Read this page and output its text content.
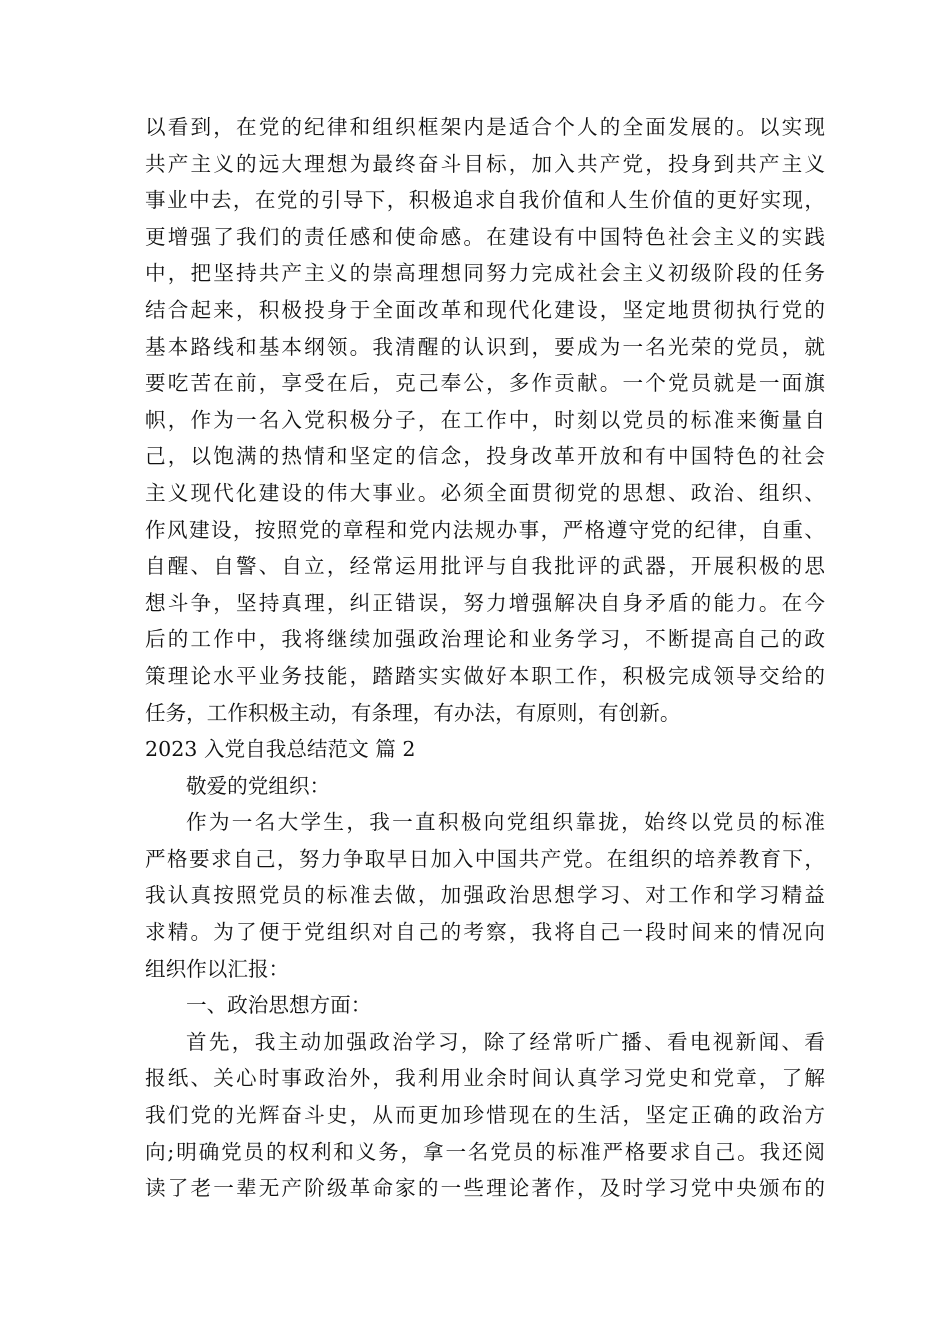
以看到，在党的纪律和组织框架内是适合个人的全面发展的。以实现
共产主义的远大理想为最终奋斗目标，加入共产党，投身到共产主义
事业中去，在党的引导下，积极追求自我价值和人生价值的更好实现，
更增强了我们的责任感和使命感。在建设有中国特色社会主义的实践
中，把坚持共产主义的崇高理想同努力完成社会主义初级阶段的任务
结合起来，积极投身于全面改革和现代化建设，坚定地贯彻执行党的
基本路线和基本纲领。我清醒的认识到，要成为一名光荣的党员，就
要吃苦在前，享受在后，克己奉公，多作贡献。一个党员就是一面旗
帜，作为一名入党积极分子，在工作中，时刻以党员的标准来衡量自
己，以饱满的热情和坚定的信念，投身改革开放和有中国特色的社会
主义现代化建设的伟大事业。必须全面贯彻党的思想、政治、组织、
作风建设，按照党的章程和党内法规办事，严格遵守党的纪律，自重、
自醒、自警、自立，经常运用批评与自我批评的武器，开展积极的思
想斗争，坚持真理，纠正错误，努力增强解决自身矛盾的能力。在今
后的工作中，我将继续加强政治理论和业务学习，不断提高自己的政
策理论水平业务技能，踏踏实实做好本职工作，积极完成领导交给的
任务，工作积极主动，有条理，有办法，有原则，有创新。
2023 入党自我总结范文 篇 2
敬爱的党组织：
作为一名大学生，我一直积极向党组织靠拢，始终以党员的标准
严格要求自己，努力争取早日加入中国共产党。在组织的培养教育下，
我认真按照党员的标准去做，加强政治思想学习、对工作和学习精益
求精。为了便于党组织对自己的考察，我将自己一段时间来的情况向
组织作以汇报：
一、政治思想方面：
首先，我主动加强政治学习，除了经常听广播、看电视新闻、看
报纸、关心时事政治外，我利用业余时间认真学习党史和党章，了解
我们党的光辉奋斗史，从而更加珍惜现在的生活，坚定正确的政治方
向;明确党员的权利和义务，拿一名党员的标准严格要求自己。我还阅
读了老一辈无产阶级革命家的一些理论著作，及时学习党中央颁布的
